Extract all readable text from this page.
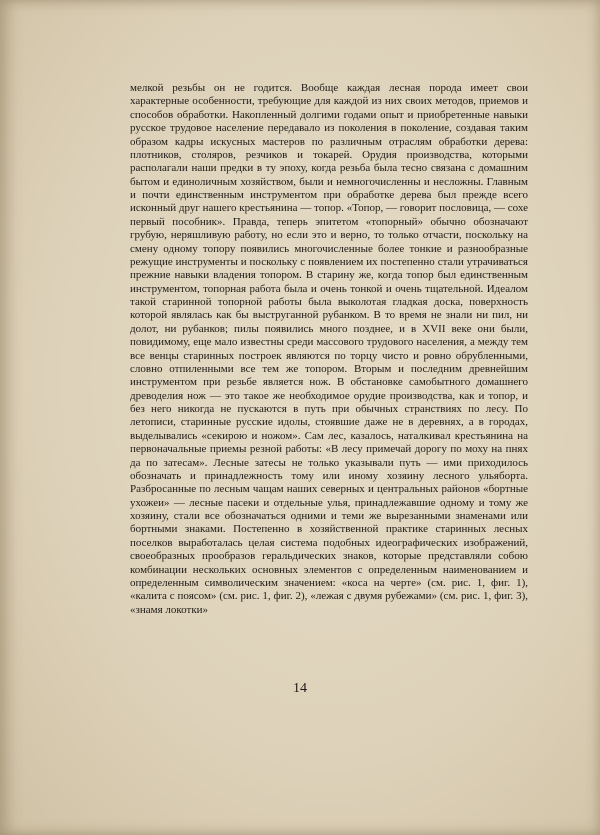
мелкой резьбы он не годится. Вообще каждая лесная порода имеет свои характерные особенности, требующие для каждой из них своих методов, приемов и способов обработки. Накопленный долгими годами опыт и приобретенные навыки русское трудовое население передавало из поколения в поколение, создавая таким образом кадры искусных мастеров по различным отраслям обработки дерева: плотников, столяров, резчиков и токарей. Орудия производства, которыми располагали наши предки в ту эпоху, когда резьба была тесно связана с домашним бытом и единоличным хозяйством, были и немногочисленны и несложны. Главным и почти единственным инструментом при обработке дерева был прежде всего исконный друг нашего крестьянина — топор. «Топор, — говорит пословица, — сохе первый пособник». Правда, теперь эпитетом «топорный» обычно обозначают грубую, неряшливую работу, но если это и верно, то только отчасти, поскольку на смену одному топору появились многочисленные более тонкие и разнообразные режущие инструменты и поскольку с появлением их постепенно стали утрачиваться прежние навыки владения топором. В старину же, когда топор был единственным инструментом, топорная работа была и очень тонкой и очень тщательной. Идеалом такой старинной топорной работы была выколотая гладкая доска, поверхность которой являлась как бы выструганной рубанком. В то время не знали ни пил, ни долот, ни рубанков; пилы появились много позднее, и в XVII веке они были, повидимому, еще мало известны среди массового трудового населения, а между тем все венцы старинных построек являются по торцу чисто и ровно обрубленными, словно отпиленными все тем же топором. Вторым и последним древнейшим инструментом при резьбе является нож. В обстановке самобытного домашнего древоделия нож — это такое же необходимое орудие производства, как и топор, и без него никогда не пускаются в путь при обычных странствиях по лесу. По летописи, старинные русские идолы, стоявшие даже не в деревнях, а в городах, выделывались «секирою и ножом». Сам лес, казалось, наталкивал крестьянина на первоначальные приемы резной работы: «В лесу примечай дорогу по моху на пнях да по затесам». Лесные затесы не только указывали путь — ими приходилось обозначать и принадлежность тому или иному хозяину лесного ульяборта. Разбросанные по лесным чащам наших северных и центральных районов «бортные ухожеи» — лесные пасеки и отдельные улья, принадлежавшие одному и тому же хозяину, стали все обозначаться одними и теми же вырезанными знаменами или бортными знаками. Постепенно в хозяйственной практике старинных лесных поселков выработалась целая система подобных идеографических изображений, своеобразных прообразов геральдических знаков, которые представляли собою комбинации нескольких основных элементов с определенным наименованием и определенным символическим значением: «коса на черте» (см. рис. 1, фиг. 1), «калита с поясом» (см. рис. 1, фиг. 2), «лежая с двумя рубежами» (см. рис. 1, фиг. 3), «знамя локотки»

14
